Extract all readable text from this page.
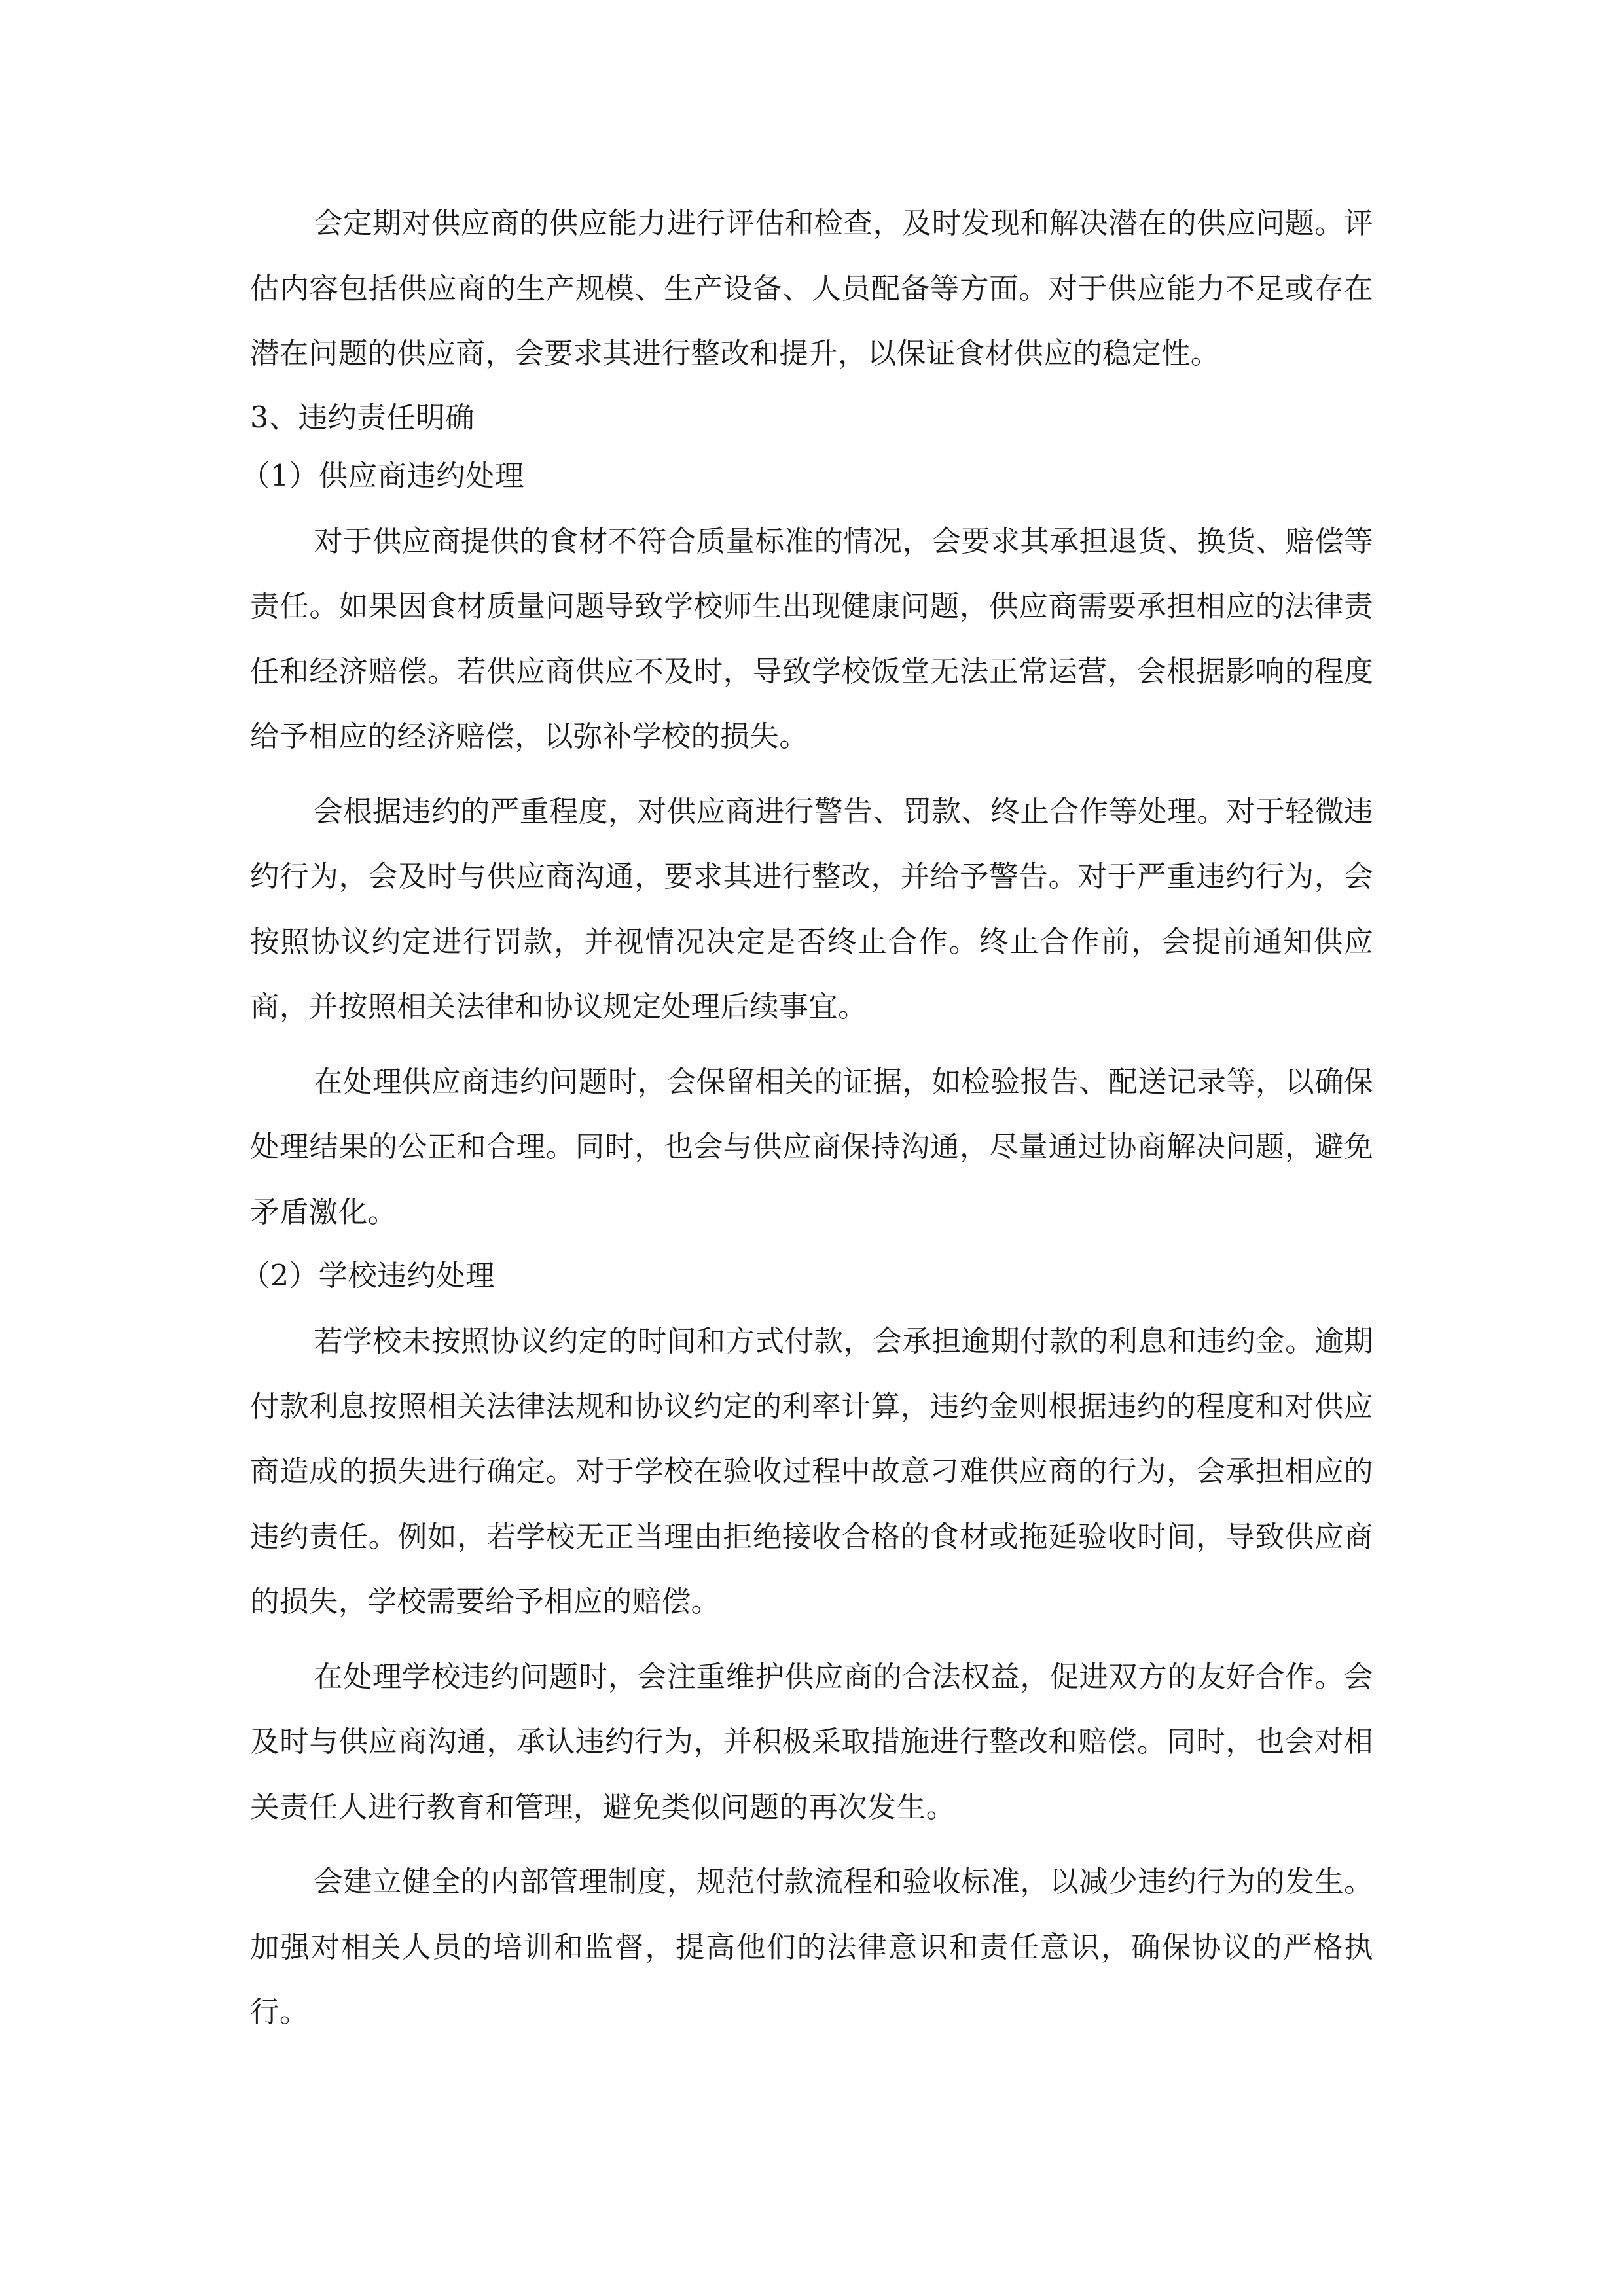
会定期对供应商的供应能力进行评估和检查，及时发现和解决潜在的供应问题。评估内容包括供应商的生产规模、生产设备、人员配备等方面。对于供应能力不足或存在潜在问题的供应商，会要求其进行整改和提升，以保证食材供应的稳定性。

3、违约责任明确

（1）供应商违约处理

对于供应商提供的食材不符合质量标准的情况，会要求其承担退货、换货、赔偿等责任。如果因食材质量问题导致学校师生出现健康问题，供应商需要承担相应的法律责任和经济赔偿。若供应商供应不及时，导致学校饭堂无法正常运营，会根据影响的程度给予相应的经济赔偿，以弥补学校的损失。

会根据违约的严重程度，对供应商进行警告、罚款、终止合作等处理。对于轻微违约行为，会及时与供应商沟通，要求其进行整改，并给予警告。对于严重违约行为，会按照协议约定进行罚款，并视情况决定是否终止合作。终止合作前，会提前通知供应商，并按照相关法律和协议规定处理后续事宜。

在处理供应商违约问题时，会保留相关的证据，如检验报告、配送记录等，以确保处理结果的公正和合理。同时，也会与供应商保持沟通，尽量通过协商解决问题，避免矛盾激化。

（2）学校违约处理

若学校未按照协议约定的时间和方式付款，会承担逾期付款的利息和违约金。逾期付款利息按照相关法律法规和协议约定的利率计算，违约金则根据违约的程度和对供应商造成的损失进行确定。对于学校在验收过程中故意刁难供应商的行为，会承担相应的违约责任。例如，若学校无正当理由拒绝接收合格的食材或拖延验收时间，导致供应商的损失，学校需要给予相应的赔偿。

在处理学校违约问题时，会注重维护供应商的合法权益，促进双方的友好合作。会及时与供应商沟通，承认违约行为，并积极采取措施进行整改和赔偿。同时，也会对相关责任人进行教育和管理，避免类似问题的再次发生。

会建立健全的内部管理制度，规范付款流程和验收标准，以减少违约行为的发生。加强对相关人员的培训和监督，提高他们的法律意识和责任意识，确保协议的严格执行。
